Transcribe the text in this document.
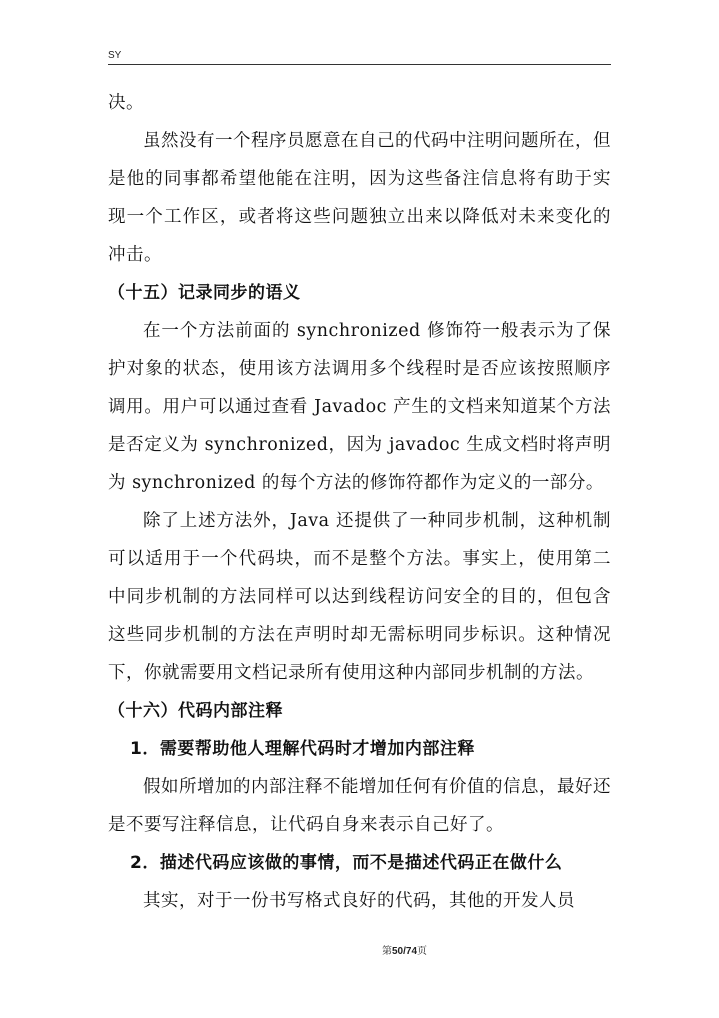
SY

决。

虽然没有一个程序员愿意在自己的代码中注明问题所在，但是他的同事都希望他能在注明，因为这些备注信息将有助于实现一个工作区，或者将这些问题独立出来以降低对未来变化的冲击。

（十五）记录同步的语义

在一个方法前面的 synchronized 修饰符一般表示为了保护对象的状态，使用该方法调用多个线程时是否应该按照顺序调用。用户可以通过查看 Javadoc 产生的文档来知道某个方法是否定义为 synchronized，因为 javadoc 生成文档时将声明为 synchronized 的每个方法的修饰符都作为定义的一部分。

除了上述方法外，Java 还提供了一种同步机制，这种机制可以适用于一个代码块，而不是整个方法。事实上，使用第二中同步机制的方法同样可以达到线程访问安全的目的，但包含这些同步机制的方法在声明时却无需标明同步标识。这种情况下，你就需要用文档记录所有使用这种内部同步机制的方法。

（十六）代码内部注释

1．需要帮助他人理解代码时才增加内部注释

假如所增加的内部注释不能增加任何有价值的信息，最好还是不要写注释信息，让代码自身来表示自己好了。

2．描述代码应该做的事情，而不是描述代码正在做什么

其实，对于一份书写格式良好的代码，其他的开发人员

第50/74页
